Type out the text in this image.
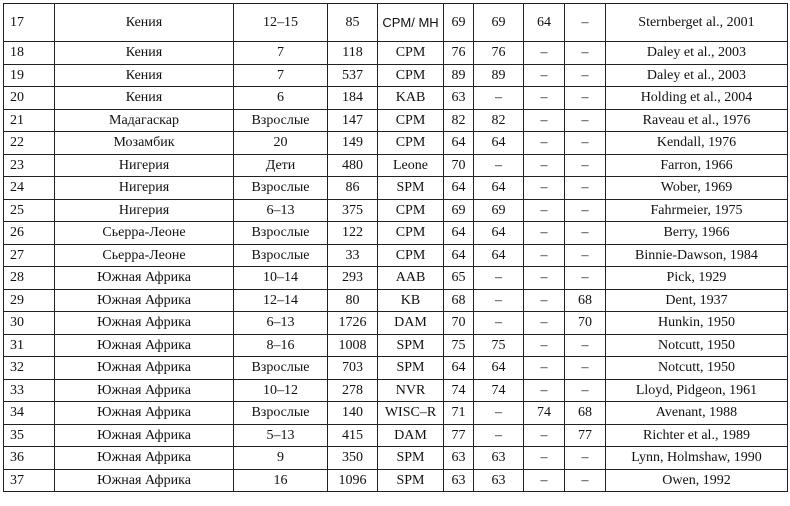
17	Кения	12–15	85	CPM/ MH	69	69	64	–	Sternberget al., 2001
18	Кения	7	118	CPM	76	76	–	–	Daley et al., 2003
19	Кения	7	537	CPM	89	89	–	–	Daley et al., 2003
20	Кения	6	184	KAB	63	–	–	–	Holding et al., 2004
21	Мадагаскар	Взрослые	147	CPM	82	82	–	–	Raveau et al., 1976
22	Мозамбик	20	149	CPM	64	64	–	–	Kendall, 1976
23	Нигерия	Дети	480	Leone	70	–	–	–	Farron, 1966
24	Нигерия	Взрослые	86	SPM	64	64	–	–	Wober, 1969
25	Нигерия	6–13	375	CPM	69	69	–	–	Fahrmeier, 1975
26	Сьерра-Леоне	Взрослые	122	CPM	64	64	–	–	Berry, 1966
27	Сьерра-Леоне	Взрослые	33	CPM	64	64	–	–	Binnie-Dawson, 1984
28	Южная Африка	10–14	293	AAB	65	–	–	–	Pick, 1929
29	Южная Африка	12–14	80	KB	68	–	–	68	Dent, 1937
30	Южная Африка	6–13	1726	DAM	70	–	–	70	Hunkin, 1950
31	Южная Африка	8–16	1008	SPM	75	75	–	–	Notcutt, 1950
32	Южная Африка	Взрослые	703	SPM	64	64	–	–	Notcutt, 1950
33	Южная Африка	10–12	278	NVR	74	74	–	–	Lloyd, Pidgeon, 1961
34	Южная Африка	Взрослые	140	WISC–R	71	–	74	68	Avenant, 1988
35	Южная Африка	5–13	415	DAM	77	–	–	77	Richter et al., 1989
36	Южная Африка	9	350	SPM	63	63	–	–	Lynn, Holmshaw, 1990
37	Южная Африка	16	1096	SPM	63	63	–	–	Owen, 1992
